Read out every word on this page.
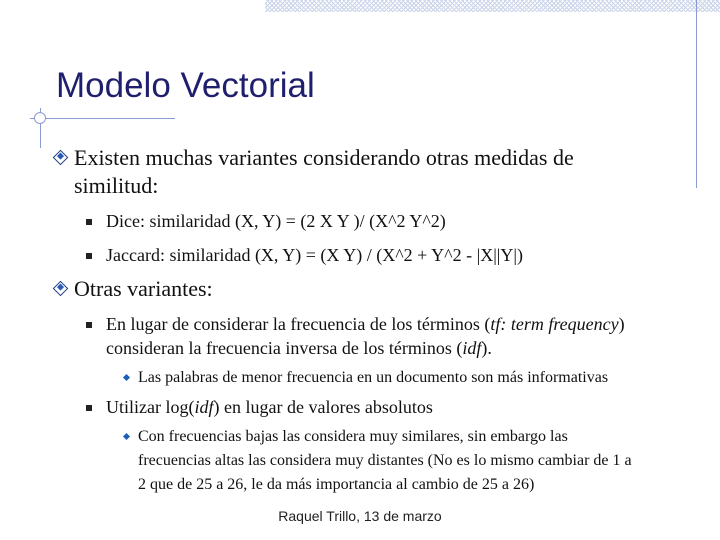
Modelo Vectorial
Existen muchas variantes considerando otras medidas de
similitud:
Dice: similaridad (X, Y) = (2 X Y )/ (X^2 Y^2)
Jaccard: similaridad (X, Y) = (X Y) / (X^2 + Y^2 - |X||Y|)
Otras variantes:
En lugar de considerar la frecuencia de los términos (tf: term frequency)
consideran la frecuencia inversa de los términos (idf).
Las palabras de menor frecuencia en un documento son más informativas
Utilizar log(idf) en lugar de valores absolutos
Con frecuencias bajas las considera muy similares, sin embargo las
frecuencias altas las considera muy distantes (No es lo mismo cambiar de 1 a
2 que de 25 a 26, le da más importancia al cambio de 25 a 26)
Raquel Trillo, 13 de marzo
